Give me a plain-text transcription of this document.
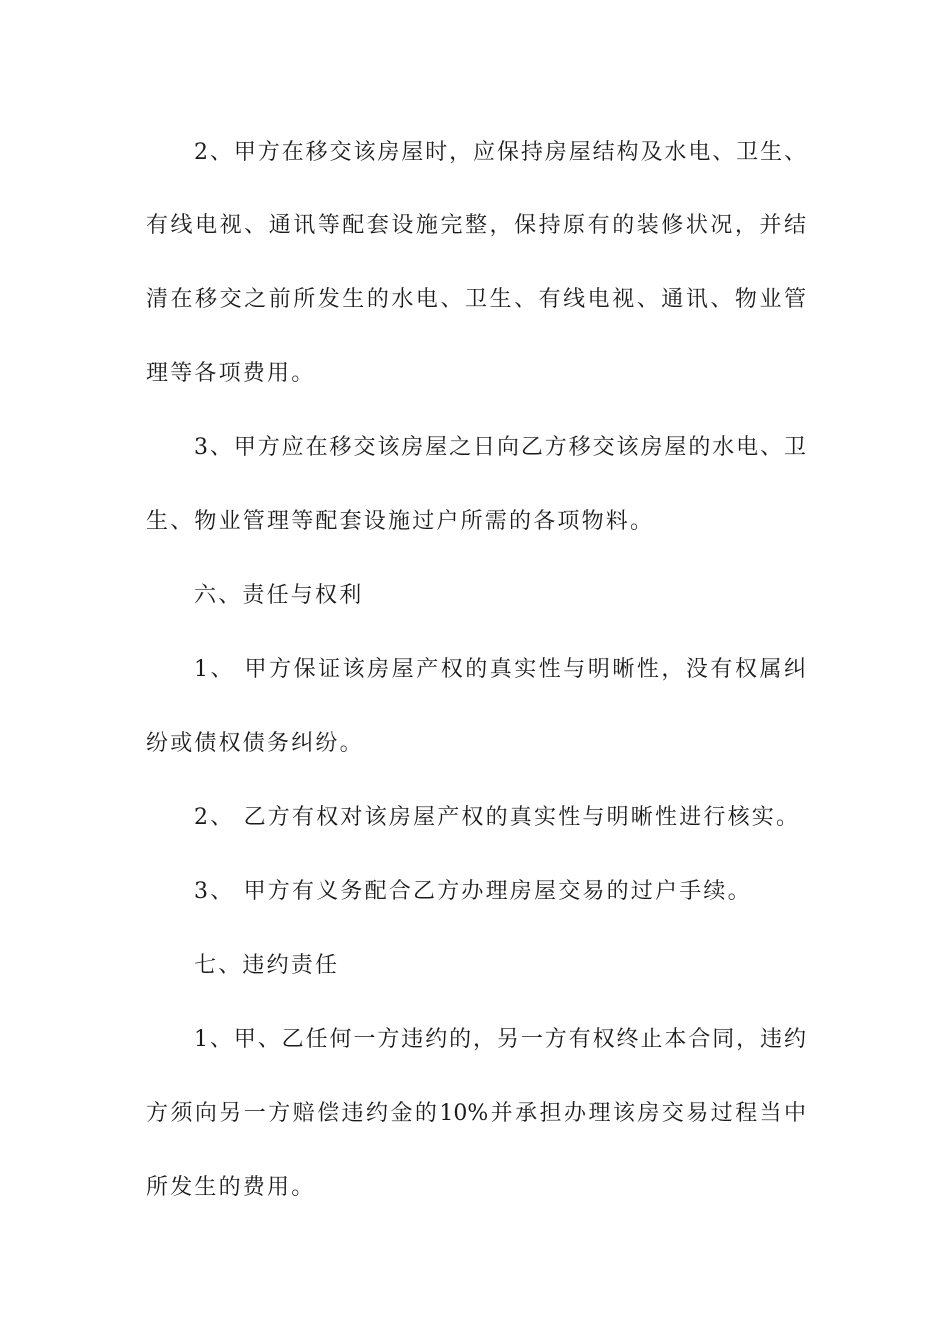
2、甲方在移交该房屋时，应保持房屋结构及水电、卫生、
有线电视、通讯等配套设施完整，保持原有的装修状况，并结
清在移交之前所发生的水电、卫生、有线电视、通讯、物业管
理等各项费用。
3、甲方应在移交该房屋之日向乙方移交该房屋的水电、卫
生、物业管理等配套设施过户所需的各项物料。
六、责任与权利
1、 甲方保证该房屋产权的真实性与明晰性，没有权属纠
纷或债权债务纠纷。
2、 乙方有权对该房屋产权的真实性与明晰性进行核实。
3、 甲方有义务配合乙方办理房屋交易的过户手续。
七、违约责任
1、甲、乙任何一方违约的，另一方有权终止本合同，违约
方须向另一方赔偿违约金的10%并承担办理该房交易过程当中
所发生的费用。
